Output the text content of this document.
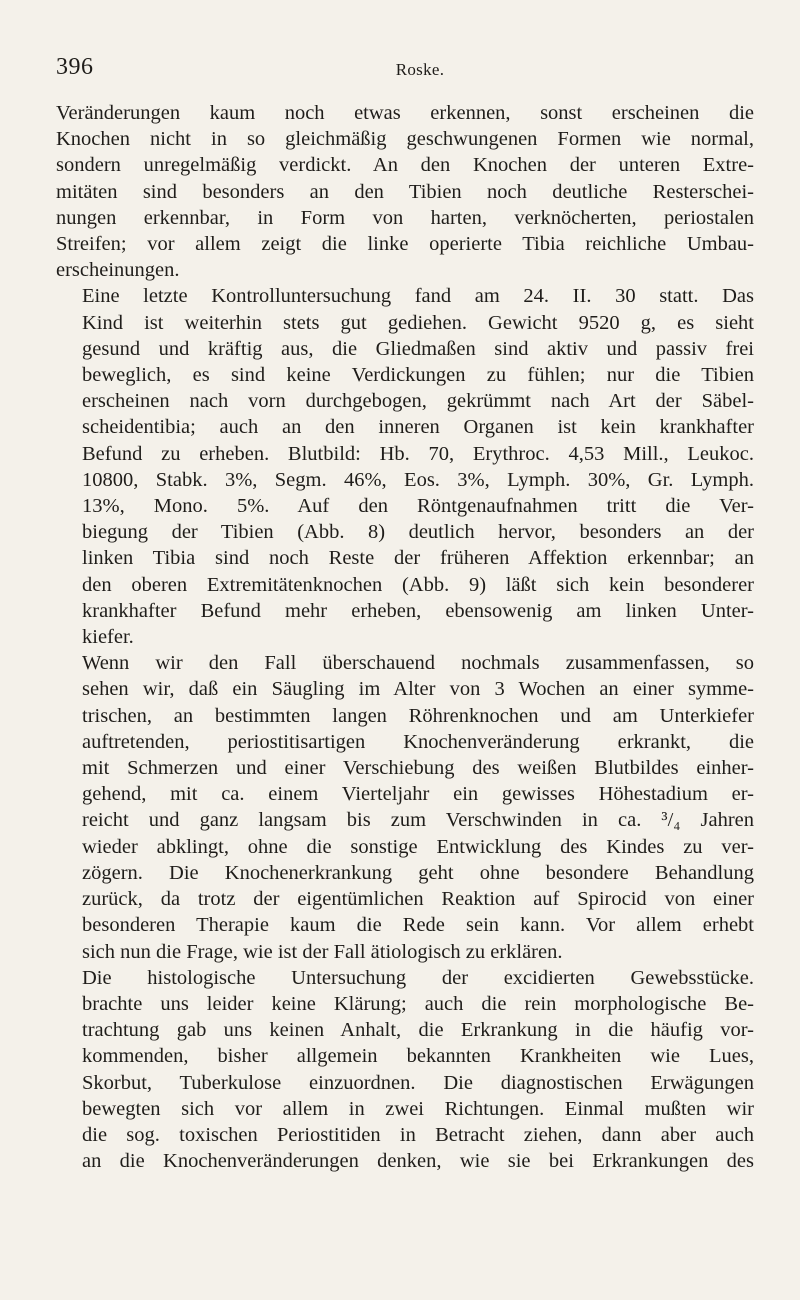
396	Roske.

Veränderungen kaum noch etwas erkennen, sonst erscheinen die
Knochen nicht in so gleichmäßig geschwungenen Formen wie normal,
sondern unregelmäßig verdickt. An den Knochen der unteren Extre-
mitäten sind besonders an den Tibien noch deutliche Resterschei-
nungen erkennbar, in Form von harten, verknöcherten, periostalen
Streifen; vor allem zeigt die linke operierte Tibia reichliche Umbau-
erscheinungen.

Eine letzte Kontrolluntersuchung fand am 24. II. 30 statt. Das
Kind ist weiterhin stets gut gediehen. Gewicht 9520 g, es sieht
gesund und kräftig aus, die Gliedmaßen sind aktiv und passiv frei
beweglich, es sind keine Verdickungen zu fühlen; nur die Tibien
erscheinen nach vorn durchgebogen, gekrümmt nach Art der Säbel-
scheidentibia; auch an den inneren Organen ist kein krankhafter
Befund zu erheben. Blutbild: Hb. 70, Erythroc. 4,53 Mill., Leukoc.
10800, Stabk. 3%, Segm. 46%, Eos. 3%, Lymph. 30%, Gr. Lymph.
13%, Mono. 5%. Auf den Röntgenaufnahmen tritt die Ver-
biegung der Tibien (Abb. 8) deutlich hervor, besonders an der
linken Tibia sind noch Reste der früheren Affektion erkennbar; an
den oberen Extremitätenknochen (Abb. 9) läßt sich kein besonderer
krankhafter Befund mehr erheben, ebensowenig am linken Unter-
kiefer.

Wenn wir den Fall überschauend nochmals zusammenfassen, so
sehen wir, daß ein Säugling im Alter von 3 Wochen an einer symme-
trischen, an bestimmten langen Röhrenknochen und am Unterkiefer
auftretenden, periostitisartigen Knochenveränderung erkrankt, die
mit Schmerzen und einer Verschiebung des weißen Blutbildes einher-
gehend, mit ca. einem Vierteljahr ein gewisses Höhestadium er-
reicht und ganz langsam bis zum Verschwinden in ca. ³/₄ Jahren
wieder abklingt, ohne die sonstige Entwicklung des Kindes zu ver-
zögern. Die Knochenerkrankung geht ohne besondere Behandlung
zurück, da trotz der eigentümlichen Reaktion auf Spirocid von einer
besonderen Therapie kaum die Rede sein kann. Vor allem erhebt
sich nun die Frage, wie ist der Fall ätiologisch zu erklären.

Die histologische Untersuchung der excidierten Gewebsstücke.
brachte uns leider keine Klärung; auch die rein morphologische Be-
trachtung gab uns keinen Anhalt, die Erkrankung in die häufig vor-
kommenden, bisher allgemein bekannten Krankheiten wie Lues,
Skorbut, Tuberkulose einzuordnen. Die diagnostischen Erwägungen
bewegten sich vor allem in zwei Richtungen. Einmal mußten wir
die sog. toxischen Periostitiden in Betracht ziehen, dann aber auch
an die Knochenveränderungen denken, wie sie bei Erkrankungen des
